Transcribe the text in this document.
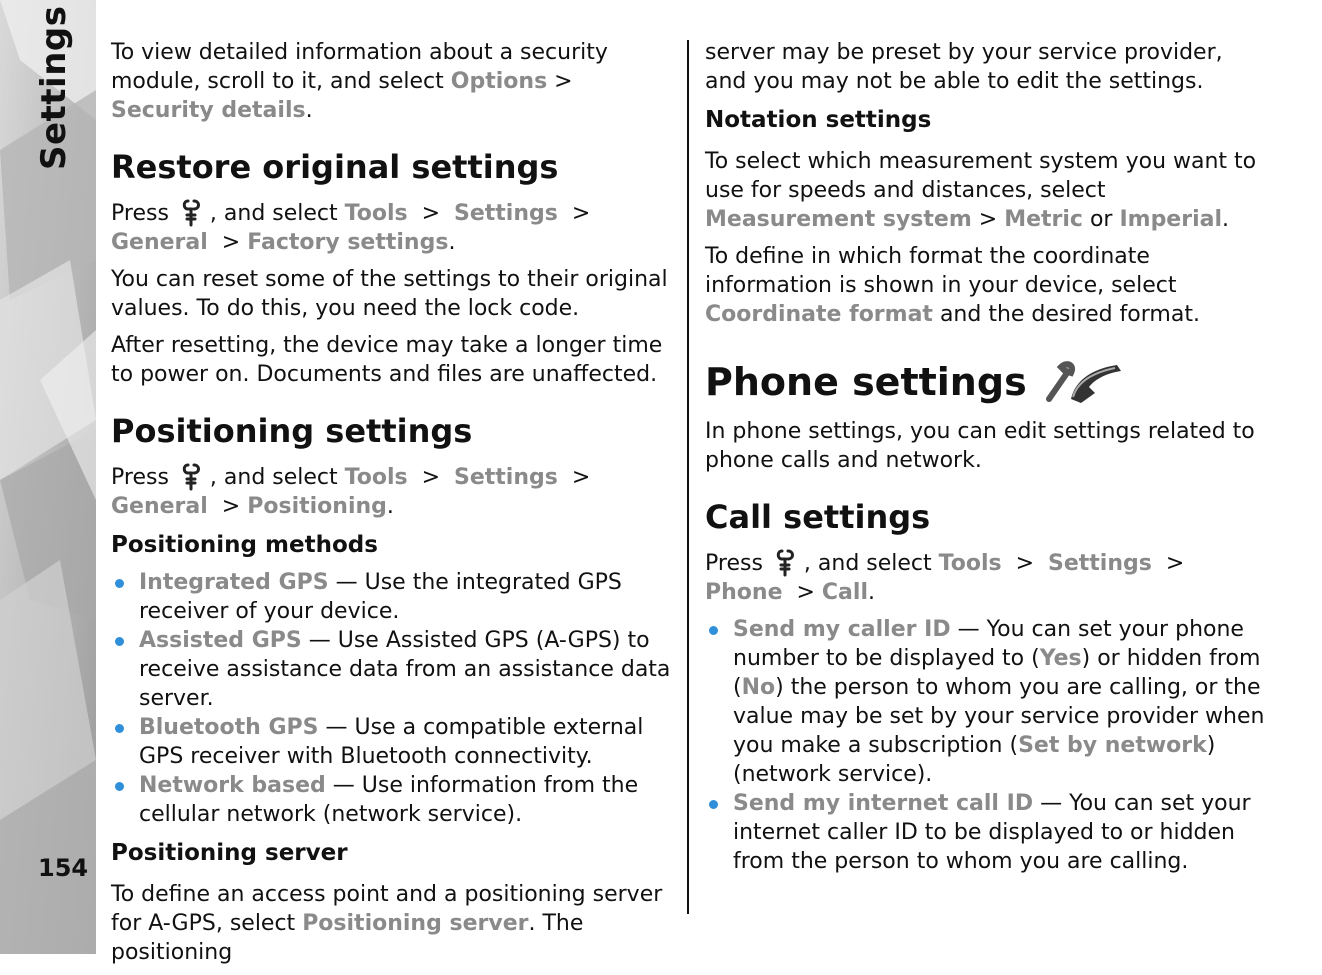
Settings
154

To view detailed information about a security module, scroll to it, and select Options > Security details.

Restore original settings

Press , and select Tools  >  Settings  >  General  > Factory settings.

You can reset some of the settings to their original values. To do this, you need the lock code.

After resetting, the device may take a longer time to power on. Documents and files are unaffected.

Positioning settings

Press , and select Tools  >  Settings  >  General  > Positioning.

Positioning methods
Integrated GPS — Use the integrated GPS receiver of your device.
Assisted GPS — Use Assisted GPS (A-GPS) to receive assistance data from an assistance data server.
Bluetooth GPS — Use a compatible external GPS receiver with Bluetooth connectivity.
Network based — Use information from the cellular network (network service).
Positioning server

To define an access point and a positioning server for A-GPS, select Positioning server. The positioning

server may be preset by your service provider, and you may not be able to edit the settings.

Notation settings

To select which measurement system you want to use for speeds and distances, select Measurement system > Metric or Imperial.

To define in which format the coordinate information is shown in your device, select Coordinate format and the desired format.

Phone settings

In phone settings, you can edit settings related to phone calls and network.

Call settings

Press , and select Tools  >  Settings  >  Phone  > Call.

Send my caller ID — You can set your phone number to be displayed to (Yes) or hidden from (No) the person to whom you are calling, or the value may be set by your service provider when you make a subscription (Set by network) (network service).
Send my internet call ID — You can set your internet caller ID to be displayed to or hidden from the person to whom you are calling.
